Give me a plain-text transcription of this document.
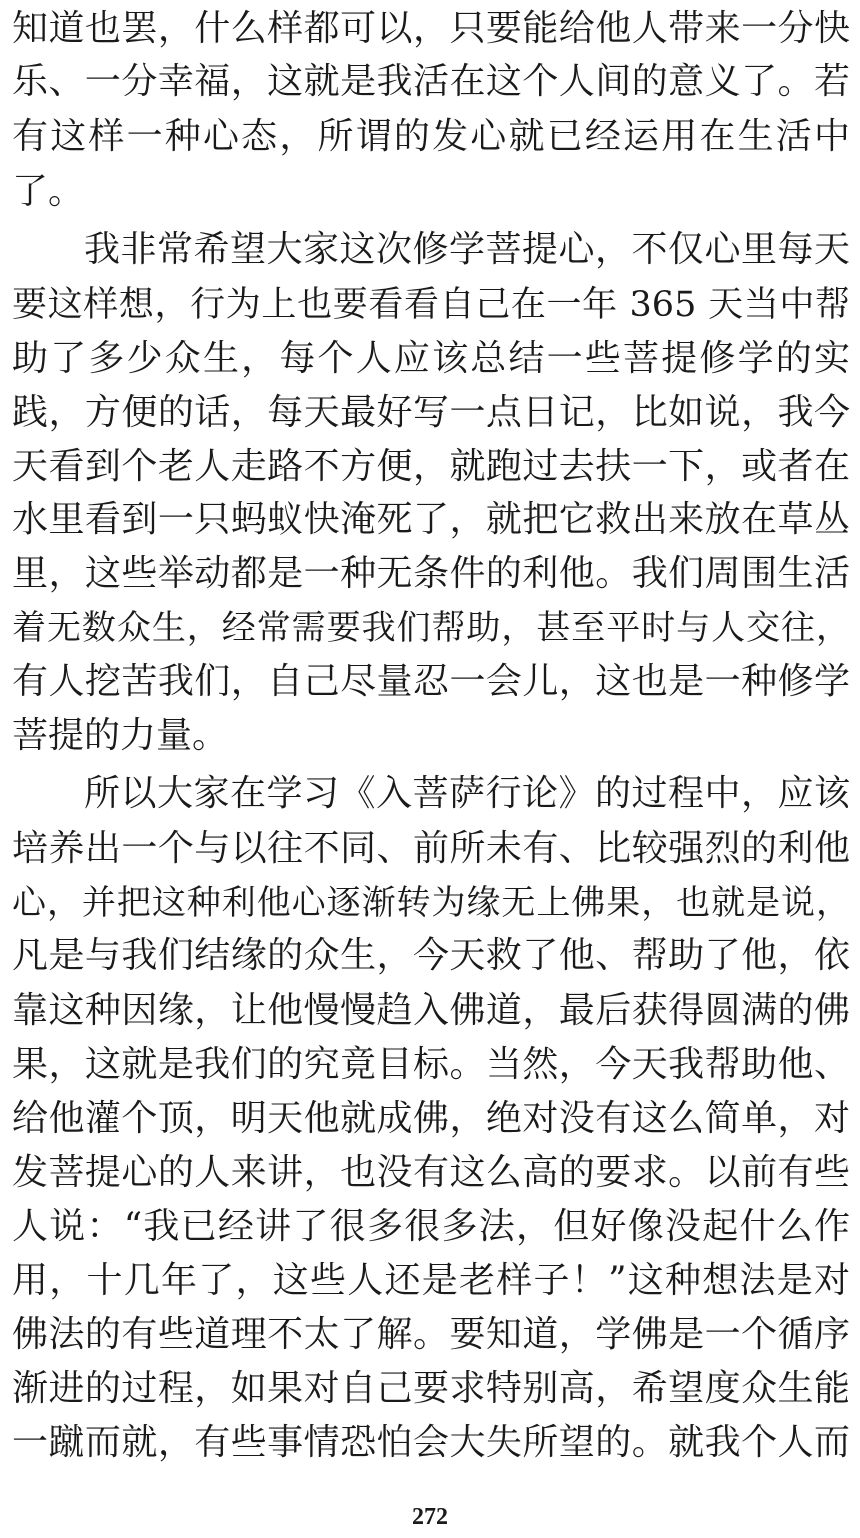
知道也罢，什么样都可以，只要能给他人带来一分快
乐、一分幸福，这就是我活在这个人间的意义了。若
有这样一种心态，所谓的发心就已经运用在生活中
了。
我非常希望大家这次修学菩提心，不仅心里每天
要这样想，行为上也要看看自己在一年 365 天当中帮
助了多少众生，每个人应该总结一些菩提修学的实
践，方便的话，每天最好写一点日记，比如说，我今
天看到个老人走路不方便，就跑过去扶一下，或者在
水里看到一只蚂蚁快淹死了，就把它救出来放在草丛
里，这些举动都是一种无条件的利他。我们周围生活
着无数众生，经常需要我们帮助，甚至平时与人交往，
有人挖苦我们，自己尽量忍一会儿，这也是一种修学
菩提的力量。
所以大家在学习《入菩萨行论》的过程中，应该
培养出一个与以往不同、前所未有、比较强烈的利他
心，并把这种利他心逐渐转为缘无上佛果，也就是说，
凡是与我们结缘的众生，今天救了他、帮助了他，依
靠这种因缘，让他慢慢趋入佛道，最后获得圆满的佛
果，这就是我们的究竟目标。当然，今天我帮助他、
给他灌个顶，明天他就成佛，绝对没有这么简单，对
发菩提心的人来讲，也没有这么高的要求。以前有些
人说：“我已经讲了很多很多法，但好像没起什么作
用，十几年了，这些人还是老样子！”这种想法是对
佛法的有些道理不太了解。要知道，学佛是一个循序
渐进的过程，如果对自己要求特别高，希望度众生能
一蹴而就，有些事情恐怕会大失所望的。就我个人而
272
